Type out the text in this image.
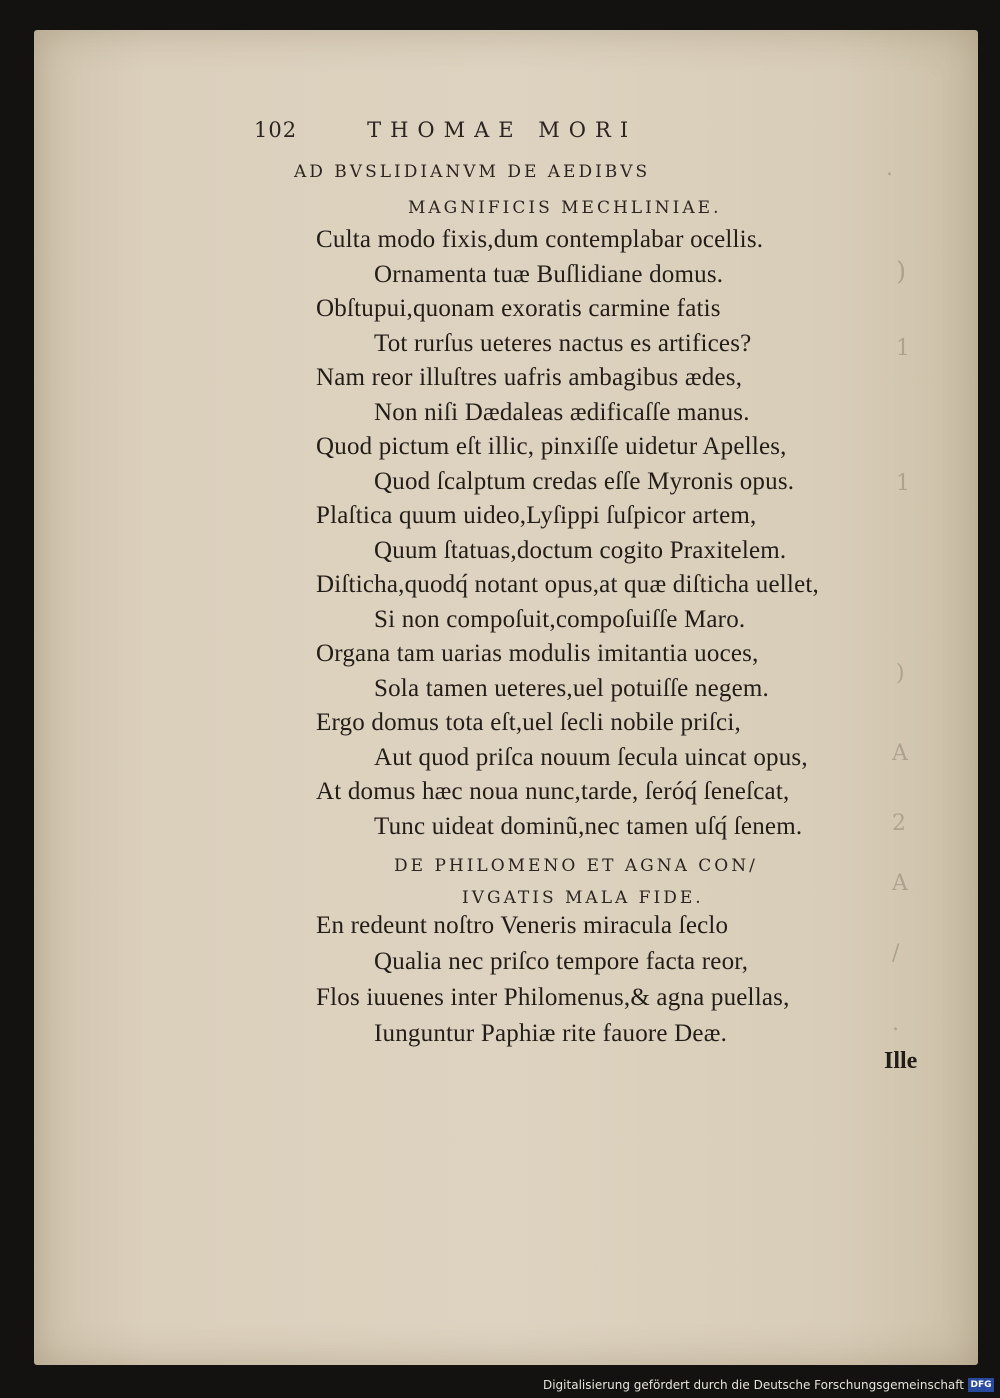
.
)
1
1
)
A
2
A
/
.
102	THOMAE MORI
AD BVSLIDIANVM DE AEDIBVS
MAGNIFICIS MECHLINIAE.
Culta modo fixis,dum contemplabar ocellis.
Ornamenta tuæ Buſlidiane domus.
Obſtupui,quonam exoratis carmine fatis
Tot rurſus ueteres nactus es artifices?
Nam reor illuſtres uafris ambagibus ædes,
Non niſi Dædaleas ædificaſſe manus.
Quod pictum eſt illic, pinxiſſe uidetur Apelles,
Quod ſcalptum credas eſſe Myronis opus.
Plaſtica quum uideo,Lyſippi ſuſpicor artem,
Quum ſtatuas,doctum cogito Praxitelem.
Diſticha,quodq́ notant opus,at quæ diſticha uellet,
Si non compoſuit,compoſuiſſe Maro.
Organa tam uarias modulis imitantia uoces,
Sola tamen ueteres,uel potuiſſe negem.
Ergo domus tota eſt,uel ſecli nobile priſci,
Aut quod priſca nouum ſecula uincat opus,
At domus hæc noua nunc,tarde, ſeróq́ ſeneſcat,
Tunc uideat dominũ,nec tamen uſq́ ſenem.
DE PHILOMENO ET AGNA CON/
IVGATIS MALA FIDE.
En redeunt noſtro Veneris miracula ſeclo
Qualia nec priſco tempore facta reor,
Flos iuuenes inter Philomenus,& agna puellas,
Iunguntur Paphiæ rite fauore Deæ.
Ille
Digitalisierung gefördert durch die Deutsche Forschungsgemeinschaft DFG
